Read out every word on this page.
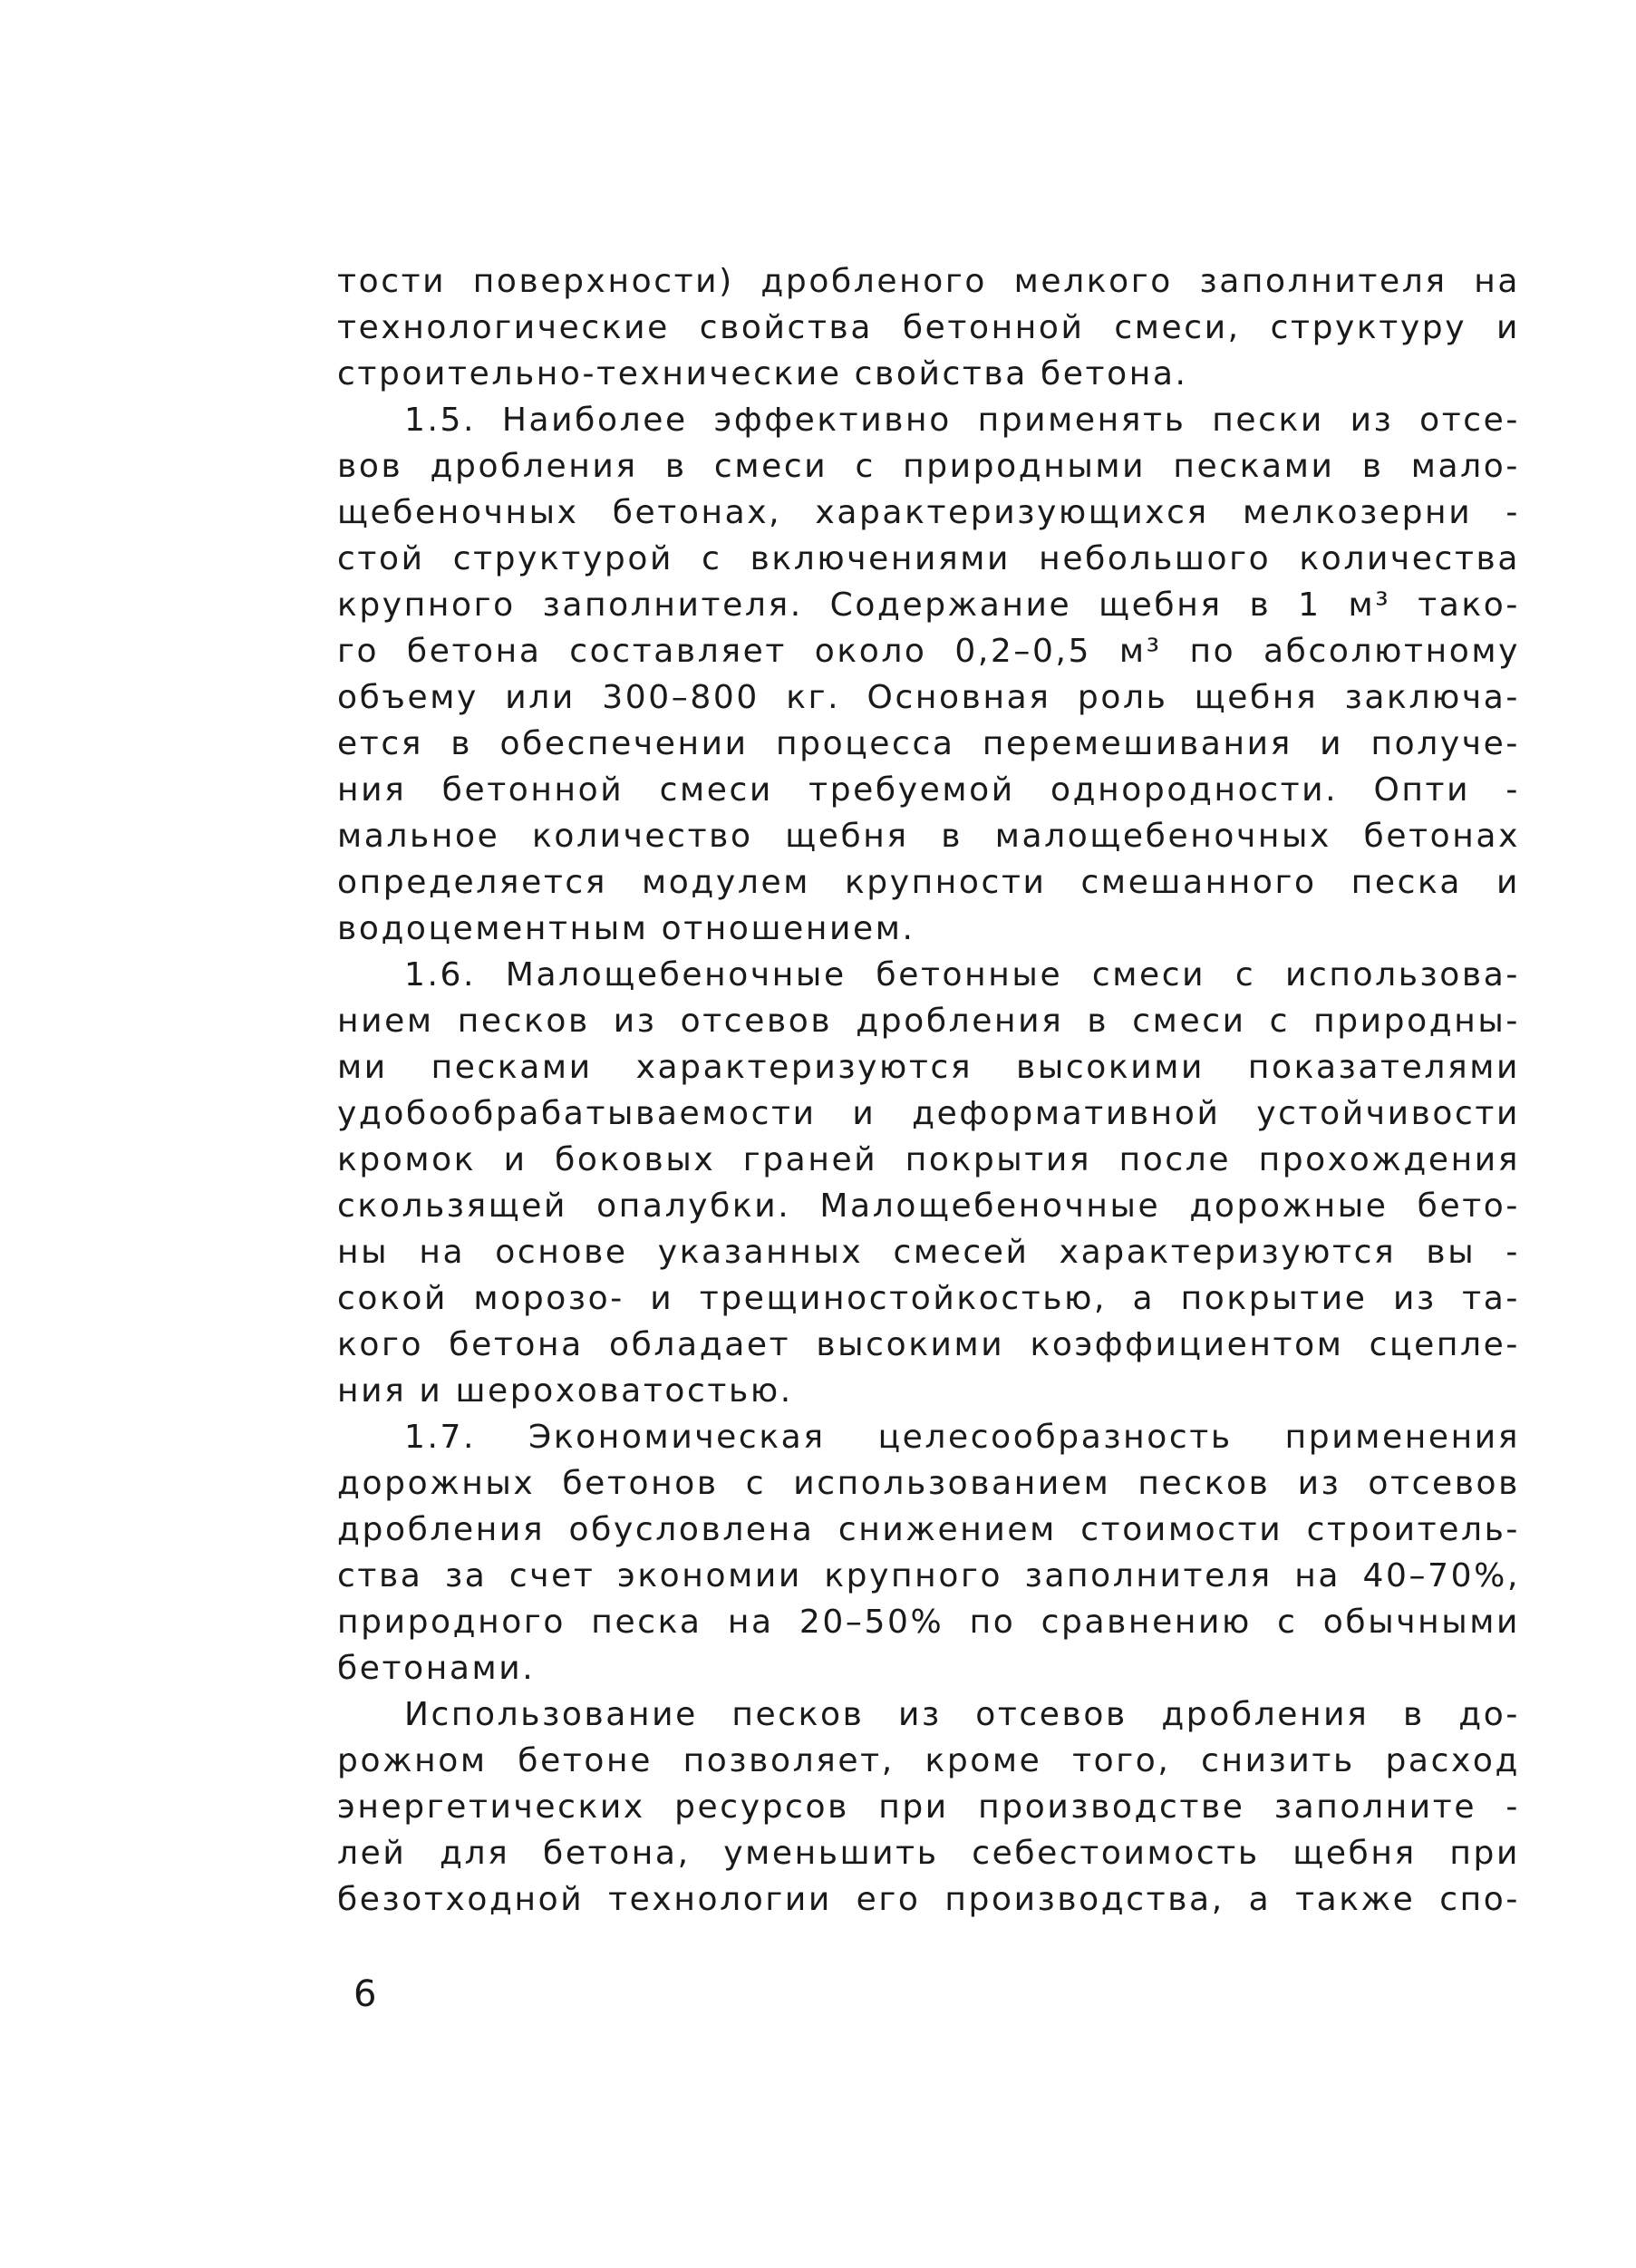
тости поверхности) дробленого мелкого заполнителя на
технологические свойства бетонной смеси, структуру и
строительно-технические свойства бетона.
1.5. Наиболее эффективно применять пески из отсе-
вов дробления в смеси с природными песками в мало-
щебеночных бетонах, характеризующихся мелкозерни -
стой структурой с включениями небольшого количества
крупного заполнителя. Содержание щебня в 1 м³ тако-
го бетона составляет около 0,2–0,5 м³ по абсолютному
объему или 300–800 кг. Основная роль щебня заключа-
ется в обеспечении процесса перемешивания и получе-
ния бетонной смеси требуемой однородности. Опти -
мальное количество щебня в малощебеночных бетонах
определяется модулем крупности смешанного песка и
водоцементным отношением.
1.6. Малощебеночные бетонные смеси с использова-
нием песков из отсевов дробления в смеси с природны-
ми песками характеризуются высокими показателями
удобообрабатываемости и деформативной устойчивости
кромок и боковых граней покрытия после прохождения
скользящей опалубки. Малощебеночные дорожные бето-
ны на основе указанных смесей характеризуются вы -
сокой морозо- и трещиностойкостью, а покрытие из та-
кого бетона обладает высокими коэффициентом сцепле-
ния и шероховатостью.
1.7. Экономическая целесообразность применения
дорожных бетонов с использованием песков из отсевов
дробления обусловлена снижением стоимости строитель-
ства за счет экономии крупного заполнителя на 40–70%,
природного песка на 20–50% по сравнению с обычными
бетонами.
Использование песков из отсевов дробления в до-
рожном бетоне позволяет, кроме того, снизить расход
энергетических ресурсов при производстве заполните -
лей для бетона, уменьшить себестоимость щебня при
безотходной технологии его производства, а также спо-
6
